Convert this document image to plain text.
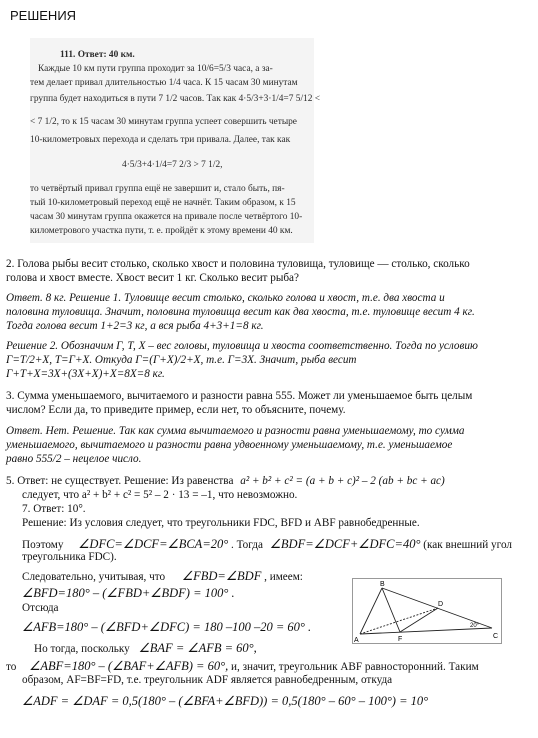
РЕШЕНИЯ
111. Ответ: 40 км.
Каждые 10 км пути группа проходит за 10/6=5/3 часа, а за-
тем делает привал длительностью 1/4 часа. К 15 часам 30 минутам
группа будет находиться в пути 7 1/2 часов. Так как 4·5/3+3·1/4=7 5/12 <
< 7 1/2, то к 15 часам 30 минутам группа успеет совершить четыре
10-километровых перехода и сделать три привала. Далее, так как
4·5/3+4·1/4=7 2/3 > 7 1/2,
то четвёртый привал группа ещё не завершит и, стало быть, пя-
тый 10-километровый переход ещё не начнёт. Таким образом, к 15
часам 30 минутам группа окажется на привале после четвёртого 10-
километрового участка пути, т. е. пройдёт к этому времени 40 км.
2. Голова рыбы весит столько, сколько хвост и половина туловища, туловище — столько, сколько
голова и хвост вместе. Хвост весит 1 кг. Сколько весит рыба?
Ответ. 8 кг. Решение 1. Туловище весит столько, сколько голова и хвост, т.е. два хвоста и
половина туловища. Значит, половина туловища весит как два хвоста, т.е. туловище весит 4 кг.
Тогда голова весит 1+2=3 кг, а вся рыба 4+3+1=8 кг.
Решение 2. Обозначим Г, Т, Х – вес головы, туловища и хвоста соответственно. Тогда по условию
Г=Т/2+Х, Т=Г+Х. Откуда Г=(Г+Х)/2+Х, т.е. Г=3Х. Значит, рыба весит
Г+Т+Х=3Х+(3Х+Х)+Х=8Х=8 кг.
3. Сумма уменьшаемого, вычитаемого и разности равна 555. Может ли уменьшаемое быть целым
числом? Если да, то приведите пример, если нет, то объясните, почему.
Ответ. Нет. Решение. Так как сумма вычитаемого и разности равна уменьшаемому, то сумма
уменьшаемого, вычитаемого и разности равна удвоенному уменьшаемому, т.е. уменьшаемое
равно 555/2 – нецелое число.
5. Ответ: не существует. Решение: Из равенства a² + b² + c² = (a + b + c)² – 2 (ab + bc + ac)
следует, что a² + b² + c² = 5² – 2 · 13 = –1, что невозможно.
7. Ответ: 10°.
Решение: Из условия следует, что треугольники FDC, BFD и ABF равнобедренные.
Поэтому ∠DFC=∠DCF=∠BCA=20° . Тогда ∠BDF=∠DCF+∠DFC=40° (как внешний угол
треугольника FDC).
Следовательно, учитывая, что ∠FBD=∠BDF , имеем:
∠BFD=180° – (∠FBD+∠BDF) = 100° .
Отсюда
∠AFB=180° – (∠BFD+∠DFC) = 180 –100 –20 = 60° .
Но тогда, поскольку ∠BAF = ∠AFB = 60°,
то ∠ABF=180° – (∠BAF+∠AFB) = 60°, и, значит, треугольник ABF равносторонний. Таким
образом, AF=BF=FD, т.е. треугольник ADF является равнобедренным, откуда
∠ADF = ∠DAF = 0,5(180° – (∠BFA+∠BFD)) = 0,5(180° – 60° – 100°) = 10°
A
B
C
D
F
20°
